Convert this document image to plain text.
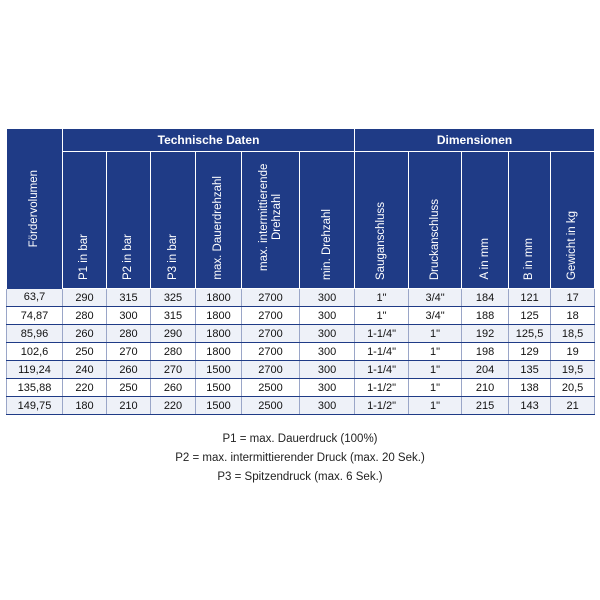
Fördervolumen	Technische Daten						Dimensionen				

	P1 in bar	P2 in bar	P3 in bar	max. Dauerdrehzahl	max. intermittierende Drehzahl	min. Drehzahl	Sauganschluss	Druckanschluss	A in mm	B in mm	Gewicht in kg

63,7	290	315	325	1800	2700	300	1"	3/4"	184	121	17
74,87	280	300	315	1800	2700	300	1"	3/4"	188	125	18
85,96	260	280	290	1800	2700	300	1-1/4"	1"	192	125,5	18,5
102,6	250	270	280	1800	2700	300	1-1/4"	1"	198	129	19
119,24	240	260	270	1500	2700	300	1-1/4"	1"	204	135	19,5
135,88	220	250	260	1500	2500	300	1-1/2"	1"	210	138	20,5
149,75	180	210	220	1500	2500	300	1-1/2"	1"	215	143	21
P1 = max. Dauerdruck (100%)
P2 = max. intermittierender Druck (max. 20 Sek.)
P3 = Spitzendruck (max. 6 Sek.)
